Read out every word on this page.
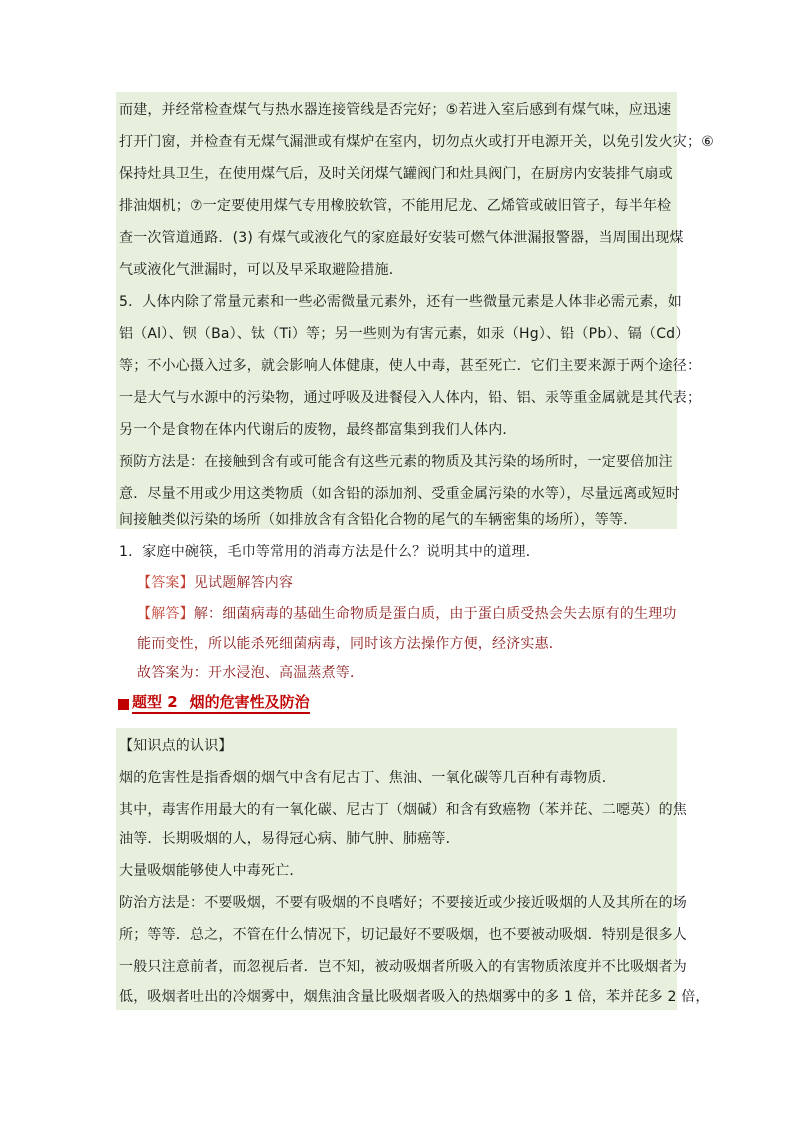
而建，并经常检查煤气与热水器连接管线是否完好；⑤若进入室后感到有煤气味，应迅速
打开门窗，并检查有无煤气漏泄或有煤炉在室内，切勿点火或打开电源开关，以免引发火灾；⑥
保持灶具卫生，在使用煤气后，及时关闭煤气罐阀门和灶具阀门，在厨房内安装排气扇或
排油烟机；⑦一定要使用煤气专用橡胶软管，不能用尼龙、乙烯管或破旧管子，每半年检
查一次管道通路．(3) 有煤气或液化气的家庭最好安装可燃气体泄漏报警器，当周围出现煤
气或液化气泄漏时，可以及早采取避险措施．
5．人体内除了常量元素和一些必需微量元素外，还有一些微量元素是人体非必需元素，如
铝（Al）、钡（Ba）、钛（Ti）等；另一些则为有害元素，如汞（Hg）、铅（Pb）、镉（Cd）
等；不小心摄入过多，就会影响人体健康，使人中毒，甚至死亡．它们主要来源于两个途径：
一是大气与水源中的污染物，通过呼吸及进餐侵入人体内，铅、铝、汞等重金属就是其代表；
另一个是食物在体内代谢后的废物，最终都富集到我们人体内．
预防方法是：在接触到含有或可能含有这些元素的物质及其污染的场所时，一定要倍加注
意．尽量不用或少用这类物质（如含铅的添加剂、受重金属污染的水等），尽量远离或短时
间接触类似污染的场所（如排放含有含铅化合物的尾气的车辆密集的场所），等等．
1．家庭中碗筷，毛巾等常用的消毒方法是什么？说明其中的道理．
【答案】见试题解答内容
【解答】解：细菌病毒的基础生命物质是蛋白质，由于蛋白质受热会失去原有的生理功
能而变性，所以能杀死细菌病毒，同时该方法操作方便，经济实惠．
故答案为：开水浸泡、高温蒸煮等．
题型 2 烟的危害性及防治
【知识点的认识】
烟的危害性是指香烟的烟气中含有尼古丁、焦油、一氧化碳等几百种有毒物质．
其中，毒害作用最大的有一氧化碳、尼古丁（烟碱）和含有致癌物（苯并芘、二噁英）的焦
油等．长期吸烟的人，易得冠心病、肺气肿、肺癌等．
大量吸烟能够使人中毒死亡．
防治方法是：不要吸烟，不要有吸烟的不良嗜好；不要接近或少接近吸烟的人及其所在的场
所；等等．总之，不管在什么情况下，切记最好不要吸烟，也不要被动吸烟．特别是很多人
一般只注意前者，而忽视后者．岂不知，被动吸烟者所吸入的有害物质浓度并不比吸烟者为
低，吸烟者吐出的冷烟雾中，烟焦油含量比吸烟者吸入的热烟雾中的多 1 倍，苯并芘多 2 倍，
